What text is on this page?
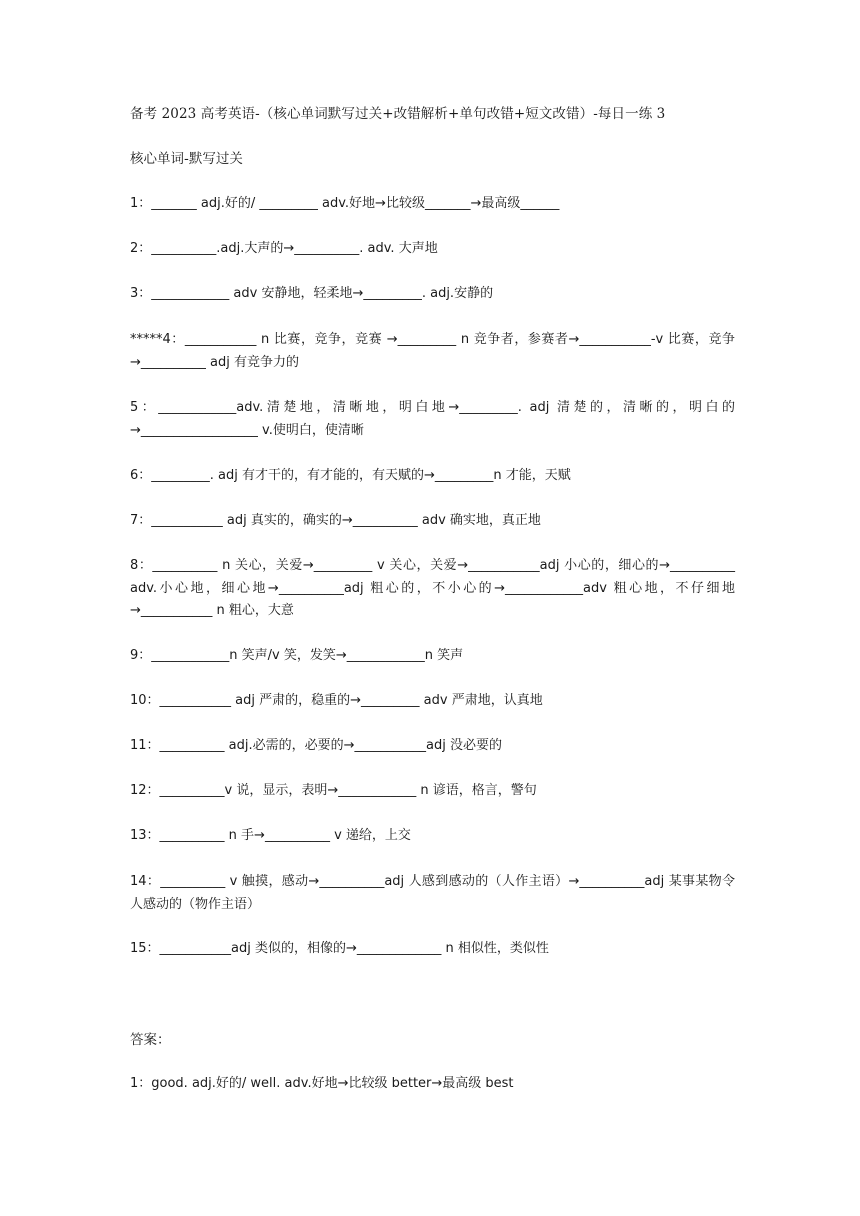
备考 2023 高考英语-（核心单词默写过关+改错解析+单句改错+短文改错）-每日一练 3
核心单词-默写过关
1：_______ adj.好的/ _________ adv.好地→比较级_______→最高级______
2：__________.adj.大声的→__________. adv. 大声地
3：____________ adv 安静地，轻柔地→_________. adj.安静的
*****4：___________ n 比赛，竞争，竞赛 →_________ n 竞争者，参赛者→___________-v 比赛，竞争→__________ adj 有竞争力的
5：____________adv.清楚地，清晰地，明白地→_________. adj 清楚的，清晰的，明白的→__________________ v.使明白，使清晰
6：_________. adj 有才干的，有才能的，有天赋的→_________n 才能，天赋
7：___________ adj 真实的，确实的→__________ adv 确实地，真正地
8：__________ n 关心，关爱→_________ v 关心，关爱→___________adj 小心的，细心的→__________ adv.小心地，细心地→__________adj 粗心的，不小心的→____________adv 粗心地，不仔细地→___________ n 粗心，大意
9：____________n 笑声/v 笑，发笑→____________n 笑声
10：___________ adj 严肃的，稳重的→_________ adv 严肃地，认真地
11：__________ adj.必需的，必要的→___________adj 没必要的
12：__________v 说，显示，表明→____________ n 谚语，格言，警句
13：__________ n 手→__________ v 递给，上交
14：__________ v 触摸，感动→__________adj 人感到感动的（人作主语）→__________adj 某事某物令人感动的（物作主语）
15：___________adj 类似的，相像的→_____________ n 相似性，类似性
答案：
1：good. adj.好的/ well. adv.好地→比较级 better→最高级 best
